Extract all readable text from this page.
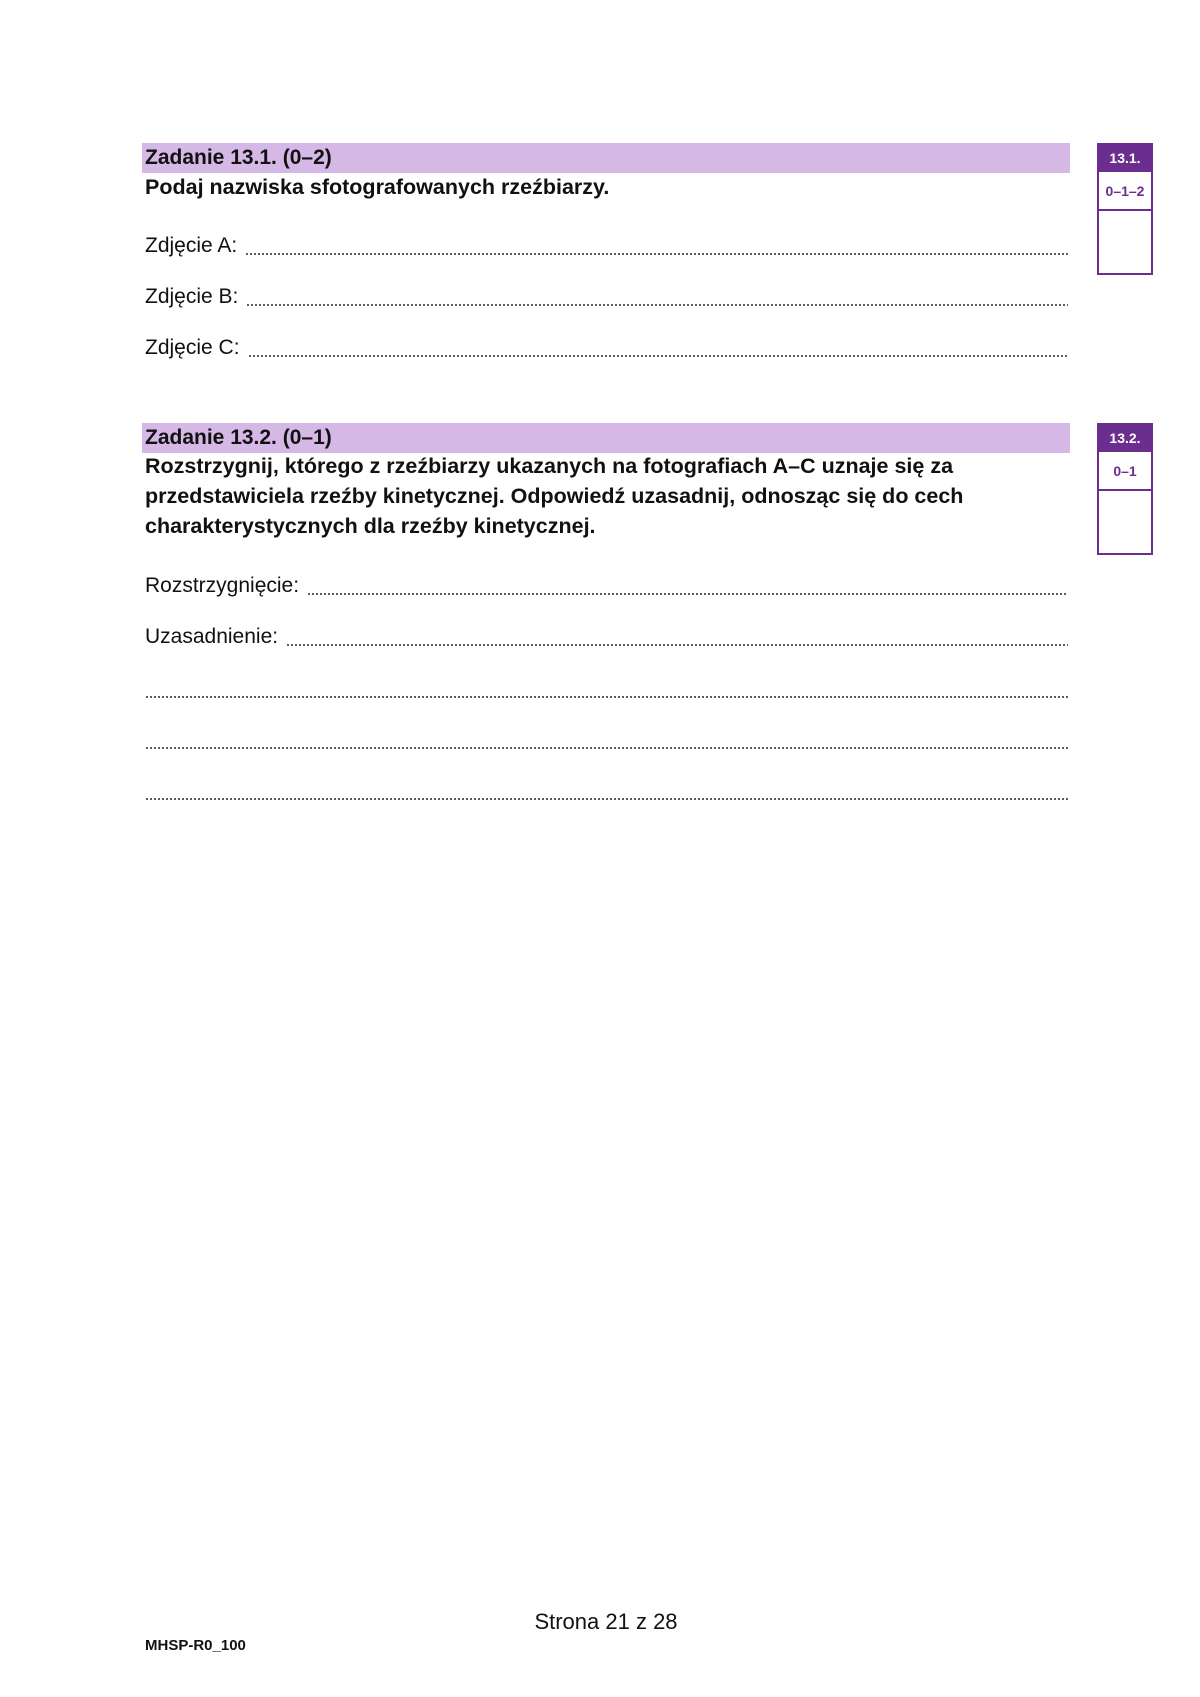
Zadanie 13.1. (0–2)
Podaj nazwiska sfotografowanych rzeźbiarzy.
Zdjęcie A:
Zdjęcie B:
Zdjęcie C:
13.1.
0–1–2
Zadanie 13.2. (0–1)
Rozstrzygnij, którego z rzeźbiarzy ukazanych na fotografiach A–C uznaje się za
przedstawiciela rzeźby kinetycznej. Odpowiedź uzasadnij, odnosząc się do cech
charakterystycznych dla rzeźby kinetycznej.
Rozstrzygnięcie:
Uzasadnienie:
13.2.
0–1
Strona 21 z 28
MHSP-R0_100
